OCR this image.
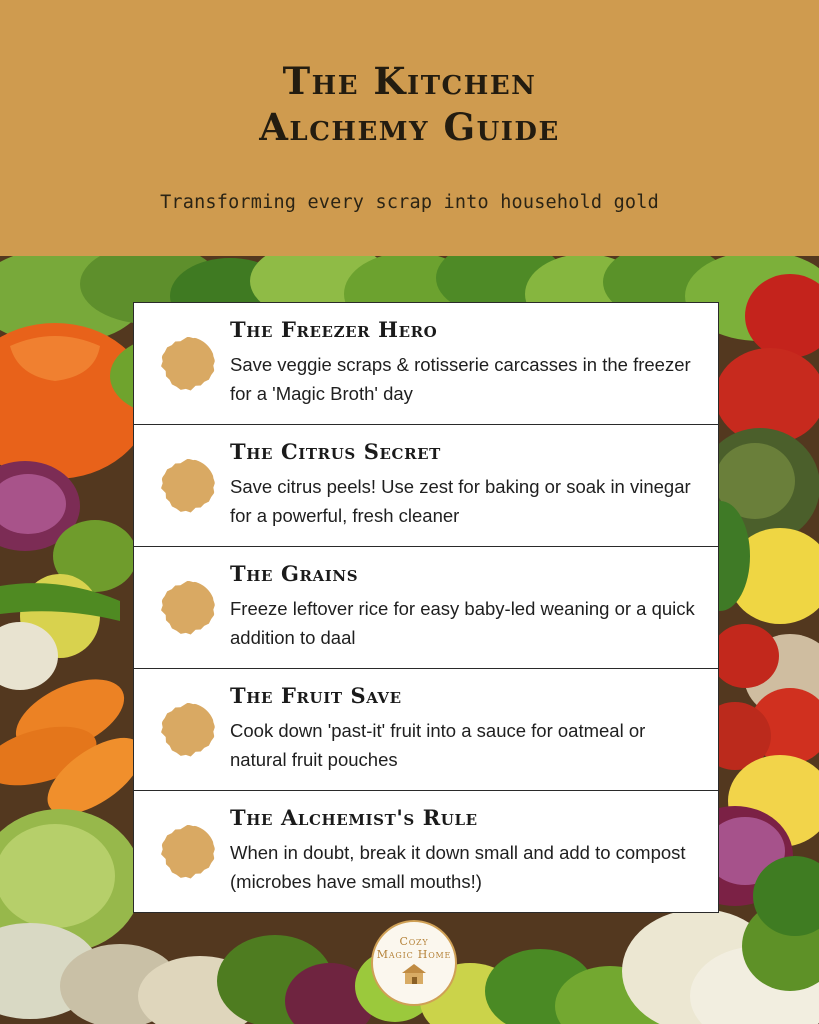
The Kitchen
Alchemy Guide
Transforming every scrap into household gold
The Freezer Hero
Save veggie scraps & rotisserie carcasses in the freezer for a 'Magic Broth' day
The Citrus Secret
Save citrus peels! Use zest for baking or soak in vinegar for a powerful, fresh cleaner
The Grains
Freeze leftover rice for easy baby-led weaning or a quick addition to daal
The Fruit Save
Cook down 'past-it' fruit into a sauce for oatmeal or natural fruit pouches
The Alchemist's Rule
When in doubt, break it down small and add to compost (microbes have small mouths!)
Cozy
Magic Home
